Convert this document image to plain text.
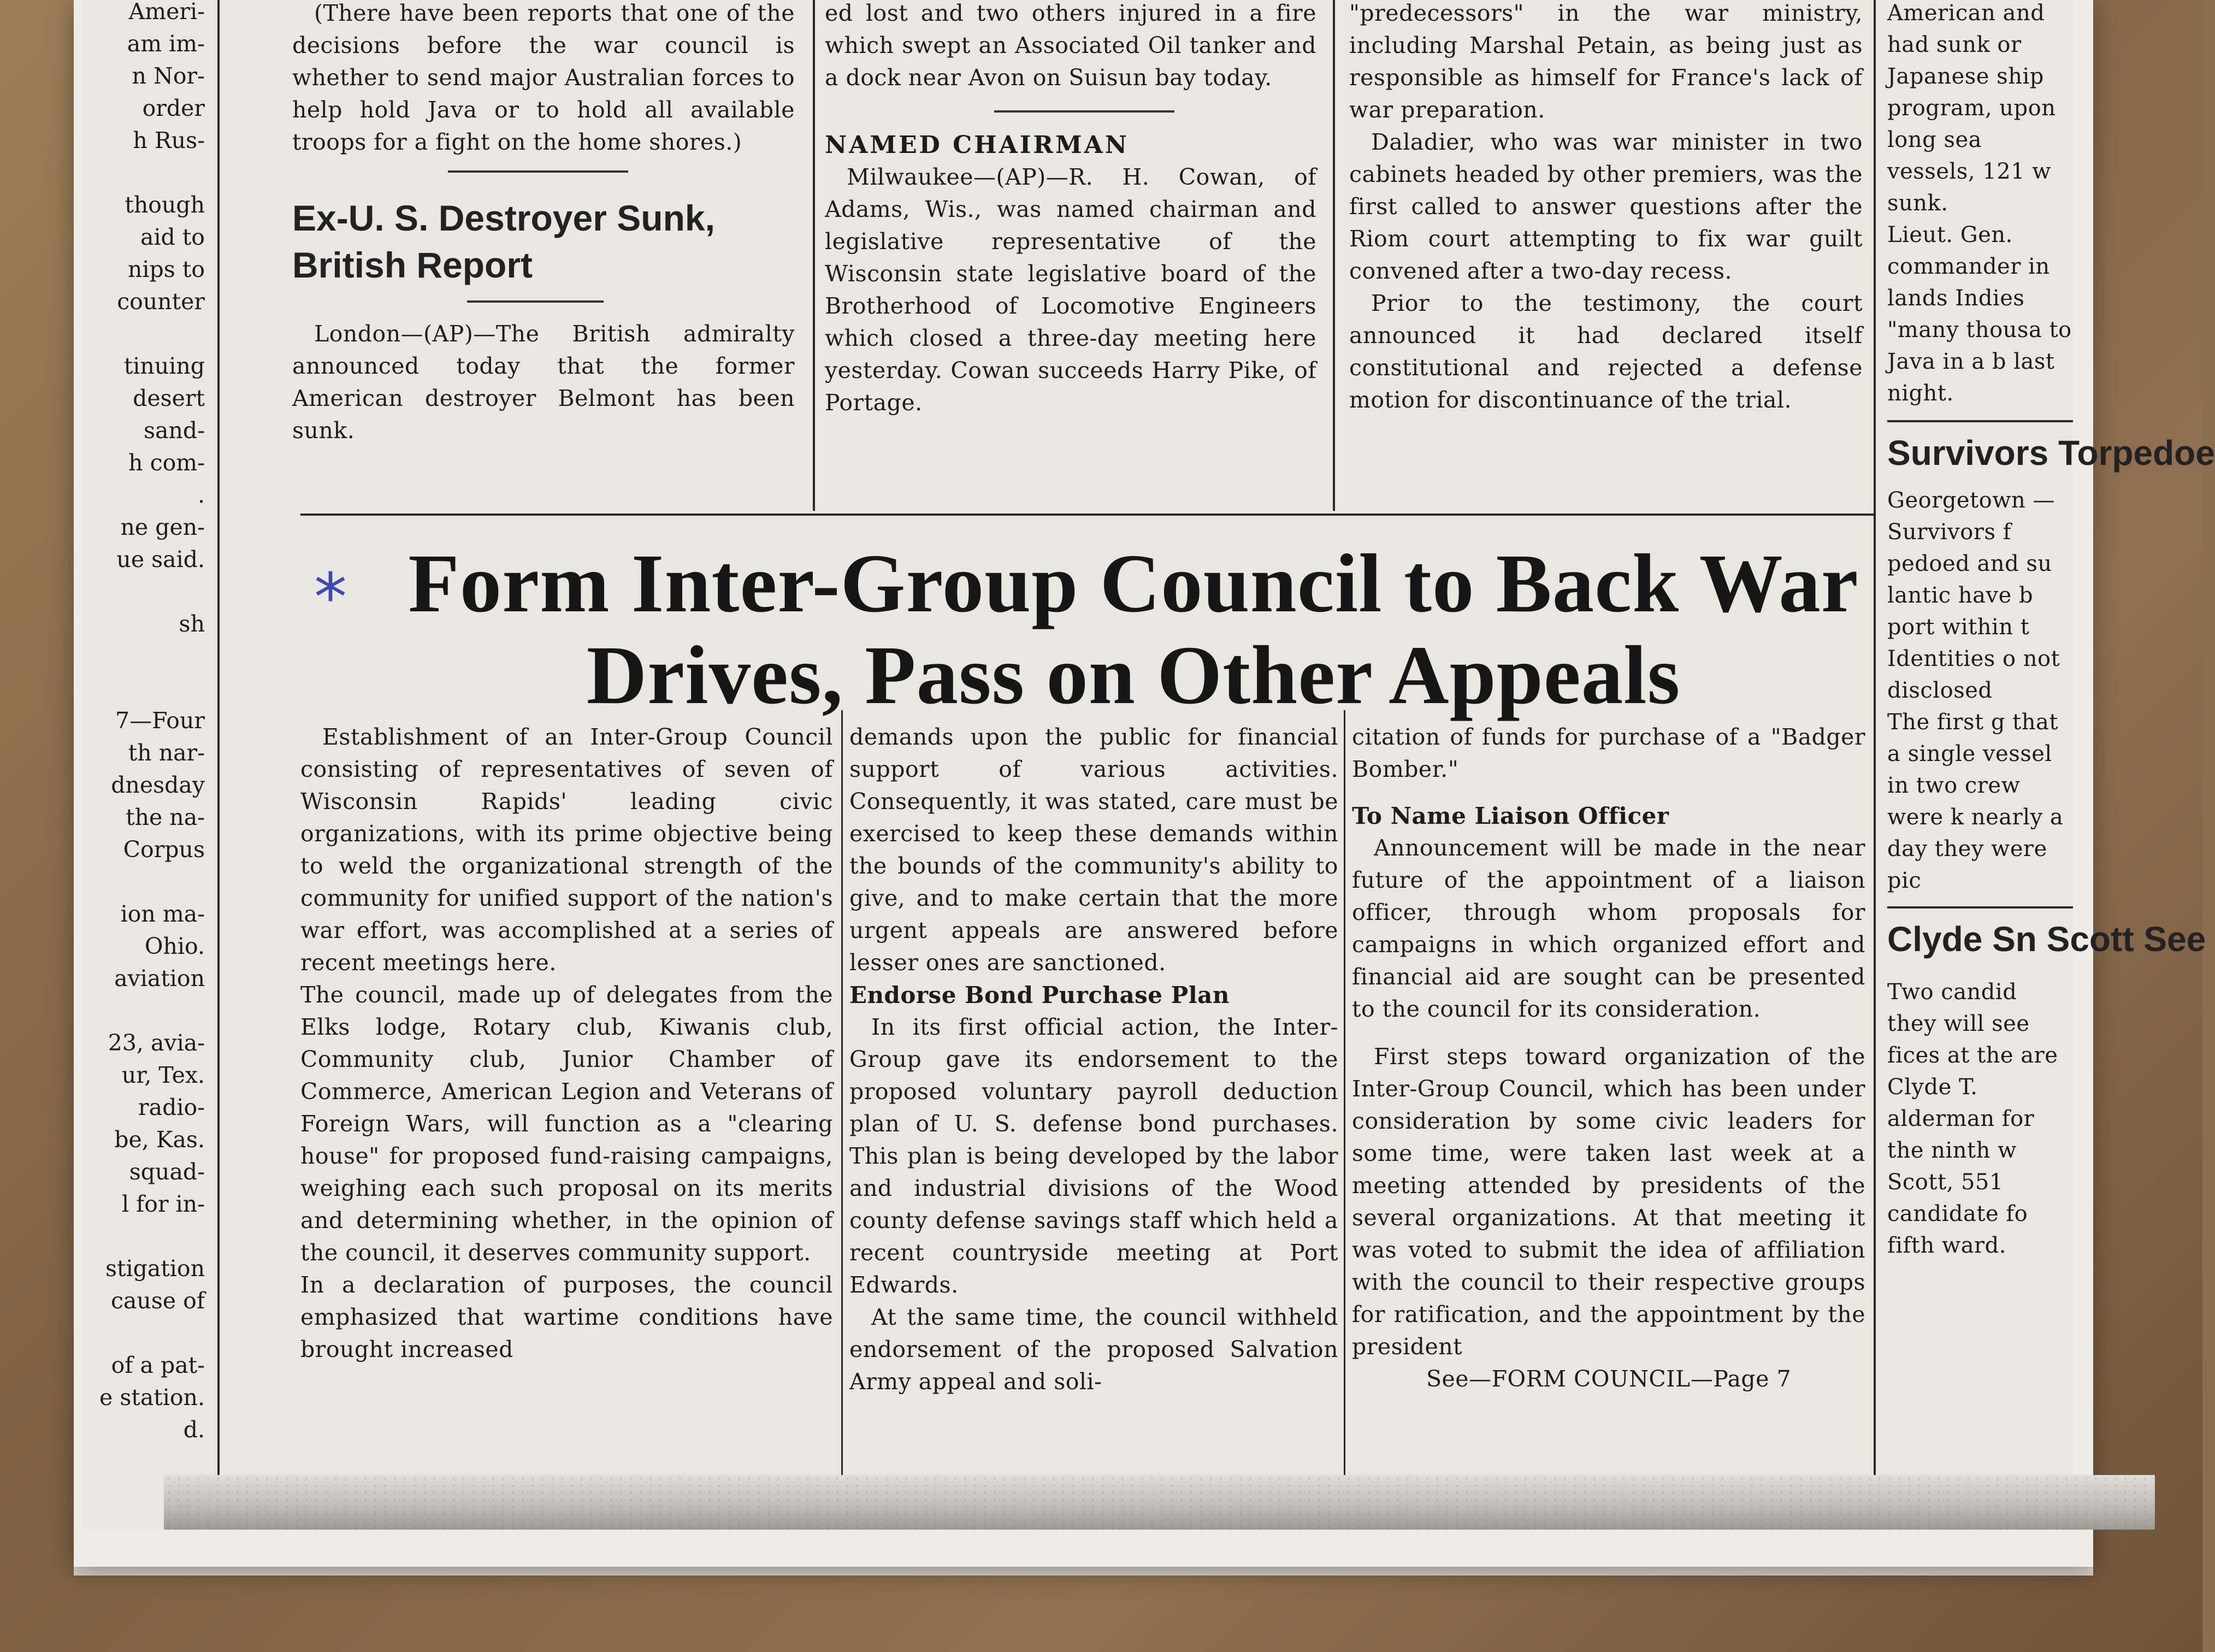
Ameri-
am im-
n Nor-
order
h Rus-

though
aid to
nips to
counter

tinuing
desert
sand-
h com-
.
ne gen-
ue said.

sh

7—Four
th nar-
dnesday
the na-
Corpus

ion ma-
Ohio.
aviation

23, avia-
ur, Tex.
radio-
be, Kas.
squad-
l for in-

stigation
cause of

of a pat-
e station.
d.

(There have been reports that one of the decisions before the war council is whether to send major Australian forces to help hold Java or to hold all available troops for a fight on the home shores.)

Ex-U. S. Destroyer Sunk, British Report

London—(AP)—The British admiralty announced today that the former American destroyer Belmont has been sunk.

ed lost and two others injured in a fire which swept an Associated Oil tanker and a dock near Avon on Suisun bay today.

NAMED CHAIRMAN

Milwaukee—(AP)—R. H. Cowan, of Adams, Wis., was named chairman and legislative representative of the Wisconsin state legislative board of the Brotherhood of Locomotive Engineers which closed a three-day meeting here yesterday. Cowan succeeds Harry Pike, of Portage.

"predecessors" in the war ministry, including Marshal Petain, as being just as responsible as himself for France's lack of war preparation.

Daladier, who was war minister in two cabinets headed by other premiers, was the first called to answer questions after the Riom court attempting to fix war guilt convened after a two-day recess.

Prior to the testimony, the court announced it had declared itself constitutional and rejected a defense motion for discontinuance of the trial.

American and had sunk or Japanese ship program, upon long sea vessels, 121 w sunk.
Lieut. Gen. commander in lands Indies "many thousa to Java in a b last night.

Survivors Torpedoe

Georgetown —Survivors f pedoed and su lantic have b port within t
Identities o not disclosed
The first g that a single vessel in two crew were k nearly a day they were pic

Clyde Sn Scott See

Two candid they will see fices at the are Clyde T. alderman for the ninth w Scott, 551 candidate fo fifth ward.

Form Inter-Group Council to Back War Drives, Pass on Other Appeals
*

Establishment of an Inter-Group Council consisting of representatives of seven of Wisconsin Rapids' leading civic organizations, with its prime objective being to weld the organizational strength of the community for unified support of the nation's war effort, was accomplished at a series of recent meetings here.
The council, made up of delegates from the Elks lodge, Rotary club, Kiwanis club, Community club, Junior Chamber of Commerce, American Legion and Veterans of Foreign Wars, will function as a "clearing house" for proposed fund-raising campaigns, weighing each such proposal on its merits and determining whether, in the opinion of the council, it deserves community support.
In a declaration of purposes, the council emphasized that wartime conditions have brought increased

demands upon the public for financial support of various activities. Consequently, it was stated, care must be exercised to keep these demands within the bounds of the community's ability to give, and to make certain that the more urgent appeals are answered before lesser ones are sanctioned.

Endorse Bond Purchase Plan

In its first official action, the Inter-Group gave its endorsement to the proposed voluntary payroll deduction plan of U. S. defense bond purchases. This plan is being developed by the labor and industrial divisions of the Wood county defense savings staff which held a recent countryside meeting at Port Edwards.

At the same time, the council withheld endorsement of the proposed Salvation Army appeal and soli-

citation of funds for purchase of a "Badger Bomber."

To Name Liaison Officer

Announcement will be made in the near future of the appointment of a liaison officer, through whom proposals for campaigns in which organized effort and financial aid are sought can be presented to the council for its consideration.

First steps toward organization of the Inter-Group Council, which has been under consideration by some civic leaders for some time, were taken last week at a meeting attended by presidents of the several organizations. At that meeting it was voted to submit the idea of affiliation with the council to their respective groups for ratification, and the appointment by the president

See—FORM COUNCIL—Page 7
